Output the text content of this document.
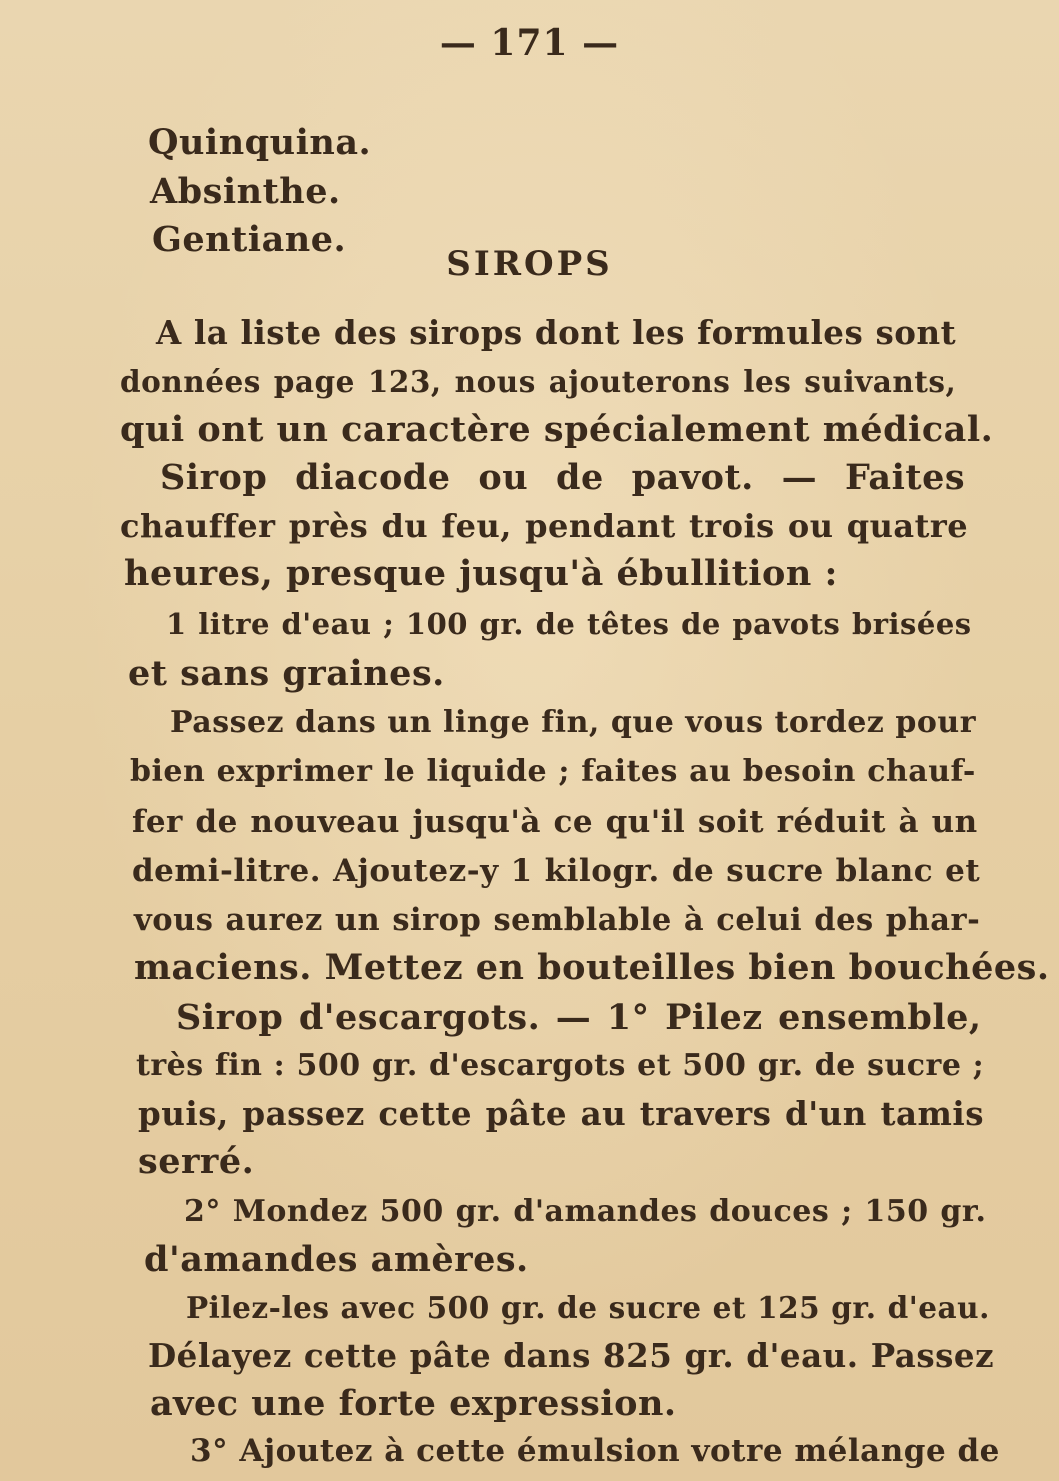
— 171 —
Quinquina.
Absinthe.
Gentiane.
SIROPS
A la liste des sirops dont les formules sont
données page 123, nous ajouterons les suivants,
qui ont un caractère spécialement médical.
Sirop diacode ou de pavot. — Faites
chauffer près du feu, pendant trois ou quatre
heures, presque jusqu'à ébullition :
1 litre d'eau ; 100 gr. de têtes de pavots brisées
et sans graines.
Passez dans un linge fin, que vous tordez pour
bien exprimer le liquide ; faites au besoin chauf-
fer de nouveau jusqu'à ce qu'il soit réduit à un
demi-litre. Ajoutez-y 1 kilogr. de sucre blanc et
vous aurez un sirop semblable à celui des phar-
maciens. Mettez en bouteilles bien bouchées.
Sirop d'escargots. — 1° Pilez ensemble,
très fin : 500 gr. d'escargots et 500 gr. de sucre ;
puis, passez cette pâte au travers d'un tamis
serré.
2° Mondez 500 gr. d'amandes douces ; 150 gr.
d'amandes amères.
Pilez-les avec 500 gr. de sucre et 125 gr. d'eau.
Délayez cette pâte dans 825 gr. d'eau. Passez
avec une forte expression.
3° Ajoutez à cette émulsion votre mélange de
